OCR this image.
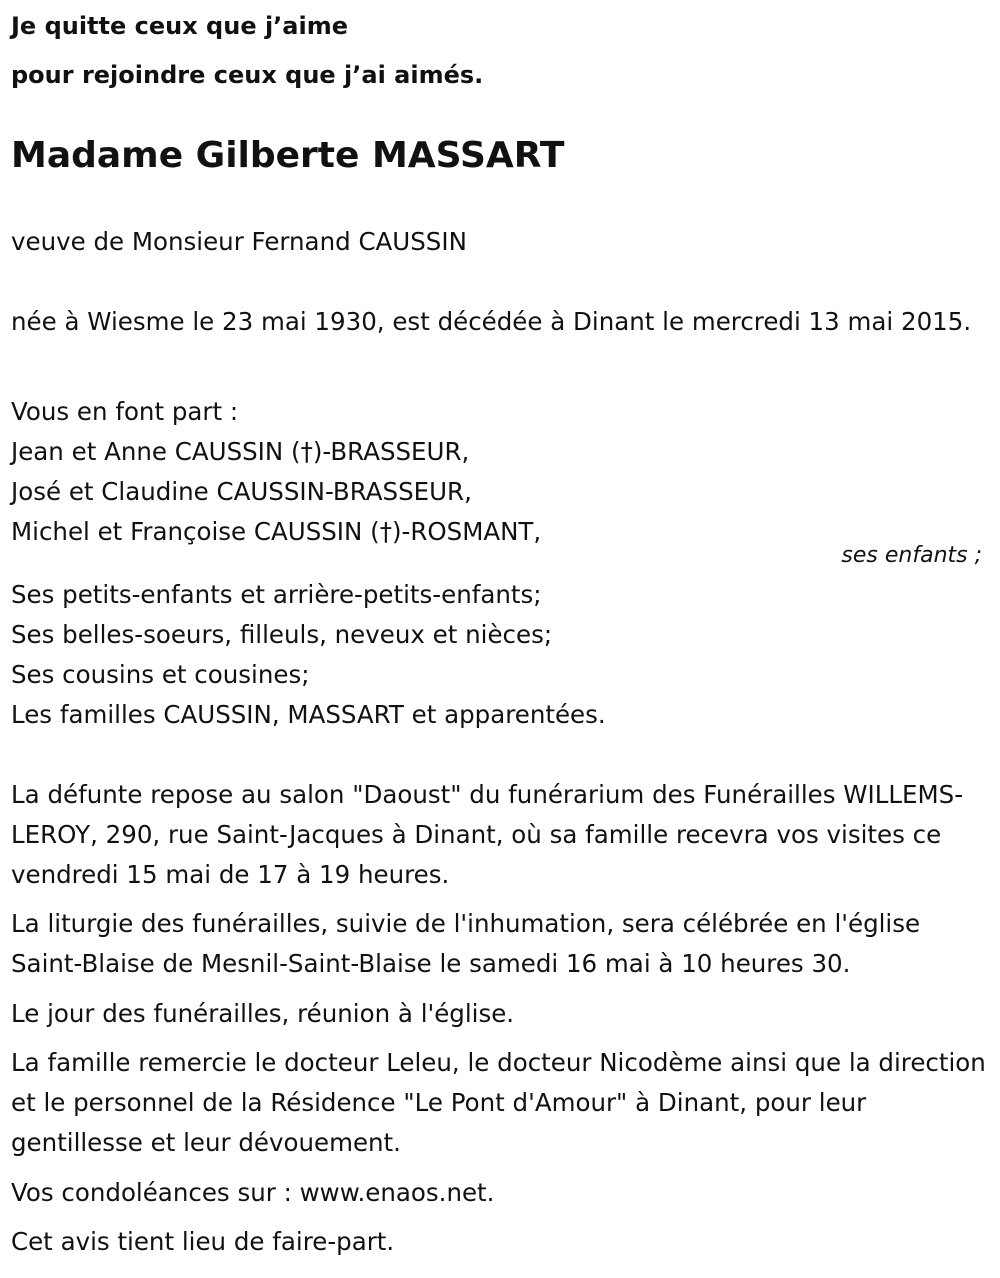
Je quitte ceux que j’aime

pour rejoindre ceux que j’ai aimés.

Madame Gilberte MASSART

veuve de Monsieur Fernand CAUSSIN

née à Wiesme le 23 mai 1930, est décédée à Dinant le mercredi 13 mai 2015.

Vous en font part :
Jean et Anne CAUSSIN (†)-BRASSEUR,
José et Claudine CAUSSIN-BRASSEUR,
Michel et Françoise CAUSSIN (†)-ROSMANT,
ses enfants ;
Ses petits-enfants et arrière-petits-enfants;
Ses belles-soeurs, filleuls, neveux et nièces;
Ses cousins et cousines;
Les familles CAUSSIN, MASSART et apparentées.

La défunte repose au salon "Daoust" du funérarium des Funérailles WILLEMS-LEROY, 290, rue Saint-Jacques à Dinant, où sa famille recevra vos visites ce vendredi 15 mai de 17 à 19 heures.

La liturgie des funérailles, suivie de l'inhumation, sera célébrée en l'église Saint-Blaise de Mesnil-Saint-Blaise le samedi 16 mai à 10 heures 30.

Le jour des funérailles, réunion à l'église.

La famille remercie le docteur Leleu, le docteur Nicodème ainsi que la direction et le personnel de la Résidence "Le Pont d'Amour" à Dinant, pour leur gentillesse et leur dévouement.

Vos condoléances sur : www.enaos.net.

Cet avis tient lieu de faire-part.
